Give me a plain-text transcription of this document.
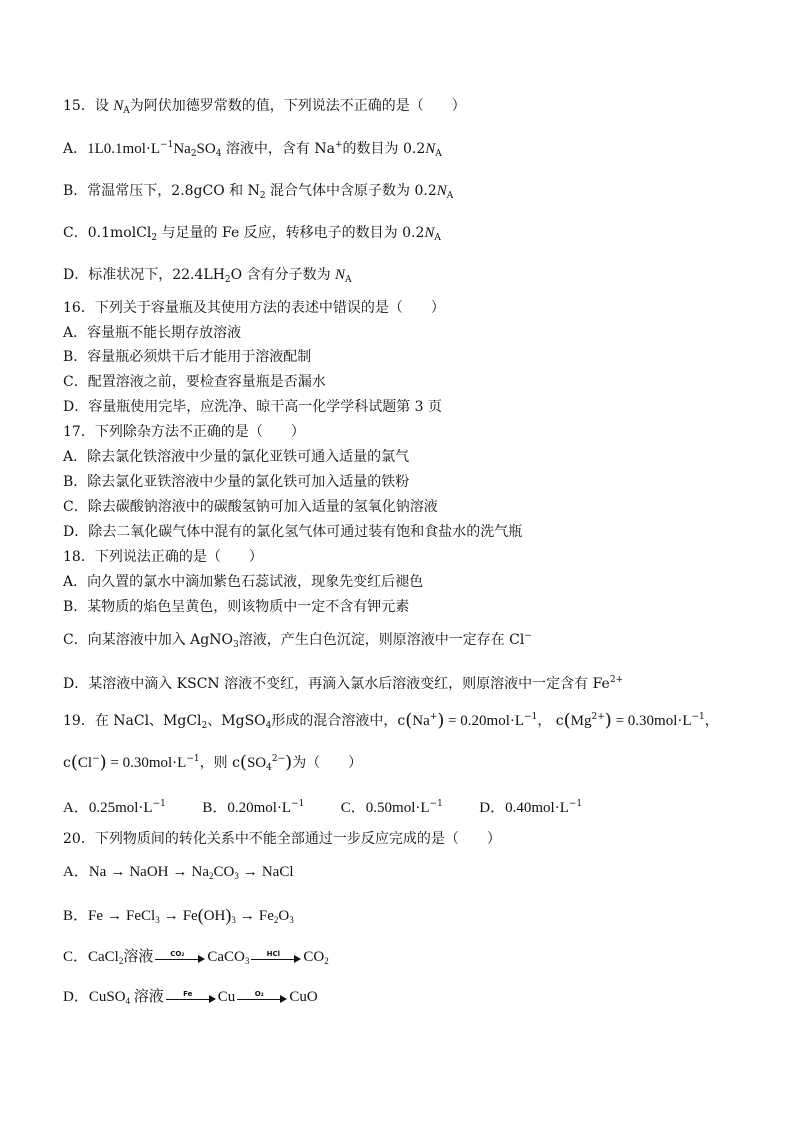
15．设 $N_A$为阿伏加德罗常数的值，下列说法不正确的是（　　）
A．$1L0.1mol\cdot L^{-1}Na_2SO_4$ 溶液中，含有 Na+的数目为 $0.2N_A$
B．常温常压下，2.8gCO 和 $N_2$ 混合气体中含原子数为 $0.2N_A$
C．0.1molCl$_2$ 与足量的 Fe 反应，转移电子的数目为 $0.2N_A$
D．标准状况下，$22.4LH_2O$ 含有分子数为 $N_A$
16．下列关于容量瓶及其使用方法的表述中错误的是（　　）
A．容量瓶不能长期存放溶液
B．容量瓶必须烘干后才能用于溶液配制
C．配置溶液之前，要检查容量瓶是否漏水
D．容量瓶使用完毕，应洗净、晾干高一化学学科试题第 3 页
17．下列除杂方法不正确的是（　　）
A．除去氯化铁溶液中少量的氯化亚铁可通入适量的氯气
B．除去氯化亚铁溶液中少量的氯化铁可加入适量的铁粉
C．除去碳酸钠溶液中的碳酸氢钠可加入适量的氢氧化钠溶液
D．除去二氧化碳气体中混有的氯化氢气体可通过装有饱和食盐水的洗气瓶
18．下列说法正确的是（　　）
A．向久置的氯水中滴加紫色石蕊试液，现象先变红后褪色
B．某物质的焰色呈黄色，则该物质中一定不含有钾元素
C．向某溶液中加入 AgNO$_3$溶液，产生白色沉淀，则原溶液中一定存在 Cl−
D．某溶液中滴入 KSCN 溶液不变红，再滴入氯水后溶液变红，则原溶液中一定含有 $Fe^{2+}$
19．在 NaCl、MgCl$_2$、MgSO$_4$形成的混合溶液中，$c(Na^+) = 0.20mol\cdot L^{-1}$， $c(Mg^{2+}) = 0.30mol\cdot L^{-1}$，
$c(Cl^-) = 0.30mol\cdot L^{-1}$，则 $c(SO_4^{2-})$为（　　）
A．$0.25mol\cdot L^{-1}$ B．$0.20mol\cdot L^{-1}$ C．$0.50mol\cdot L^{-1}$ D．$0.40mol\cdot L^{-1}$
20．下列物质间的转化关系中不能全部通过一步反应完成的是（　　）
A．Na → NaOH → $Na_2CO_3$ → NaCl
B．Fe → FeCl$_3$ → $Fe(OH)_3 \to Fe_2O_3$
C．CaCl$_2$溶液	CO₂	CaCO$_3$
HCl	$CO_2$
D．CuSO$_4$ 溶液	Fe	Cu	O₂	CuO
